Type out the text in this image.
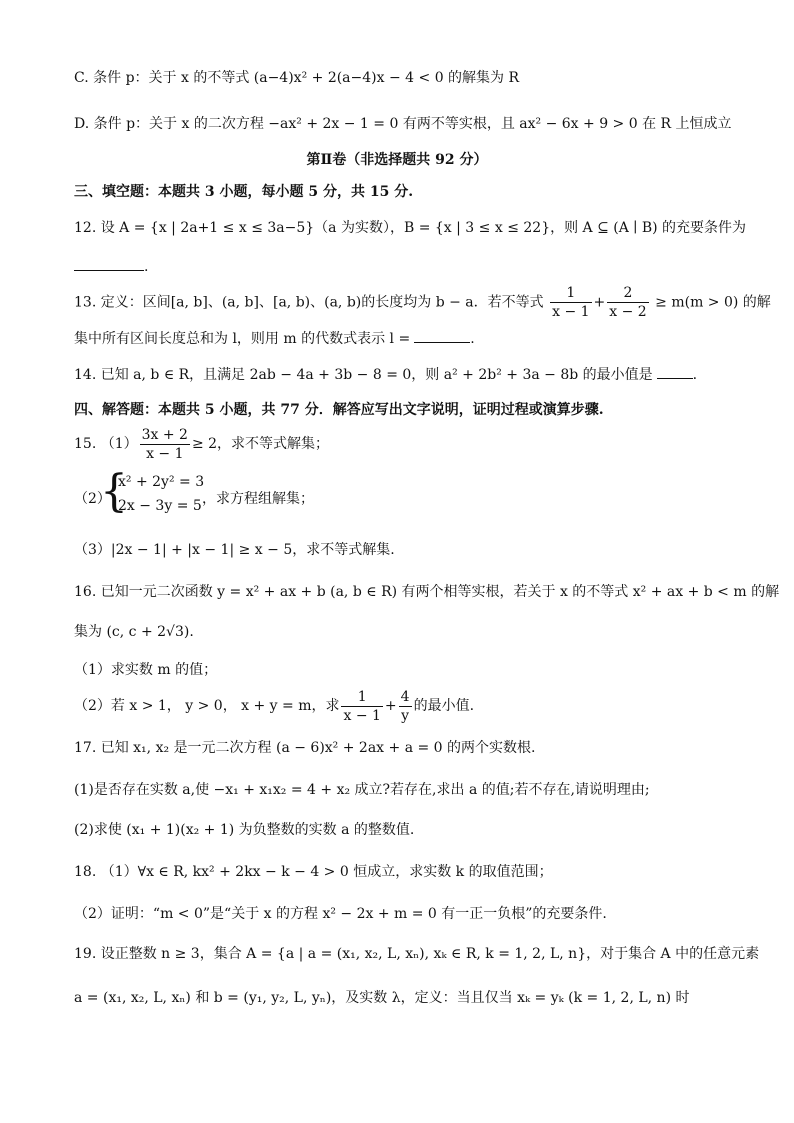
C. 条件 p：关于 x 的不等式 (a−4)x² + 2(a−4)x − 4 < 0 的解集为 R
D. 条件 p：关于 x 的二次方程 −ax² + 2x − 1 = 0 有两不等实根，且 ax² − 6x + 9 > 0 在 R 上恒成立
第Ⅱ卷（非选择题共 92 分）
三、填空题：本题共 3 小题，每小题 5 分，共 15 分.
12. 设 A = {x | 2a+1 ≤ x ≤ 3a−5}（a 为实数），B = {x | 3 ≤ x ≤ 22}，则 A ⊆ (A ∣ B) 的充要条件为
.
13. 定义：区间[a, b]、(a, b]、[a, b)、(a, b)的长度均为 b − a．若不等式 $\frac{1}{x - 1} + \frac{2}{x - 2} \ge m(m > 0)$ 的解
集中所有区间长度总和为 l，则用 m 的代数式表示 l =	.
14. 已知 a, b ∈ R，且满足 2ab − 4a + 3b − 8 = 0，则 a² + 2b² + 3a − 8b 的最小值是	.
四、解答题：本题共 5 小题，共 77 分．解答应写出文字说明，证明过程或演算步骤.
15. $(1) \frac{3x + 2}{x - 1} \ge 2$，求不等式解集；
（2）
{
x² + 2y² = 3
2x − 3y = 5 ，求方程组解集；
（3）|2x − 1| + |x − 1| ≥ x − 5，求不等式解集.
16. 已知一元二次函数 y = x² + ax + b (a, b ∈ R) 有两个相等实根，若关于 x 的不等式 x² + ax + b < m 的解
集为 (c, c + 2√3).
（1）求实数 m 的值；
（2）若 x > 1， y > 0， x + y = m，求 $\frac{1}{x - 1} + \frac{4}{y}$ 的最小值.
17. 已知 x₁, x₂ 是一元二次方程 (a − 6)x² + 2ax + a = 0 的两个实数根.
(1)是否存在实数 a,使 −x₁ + x₁x₂ = 4 + x₂ 成立?若存在,求出 a 的值;若不存在,请说明理由;
(2)求使 (x₁ + 1)(x₂ + 1) 为负整数的实数 a 的整数值.
18. （1）∀x ∈ R, kx² + 2kx − k − 4 > 0 恒成立，求实数 k 的取值范围；
（2）证明：“m < 0”是“关于 x 的方程 x² − 2x + m = 0 有一正一负根”的充要条件.
19. 设正整数 n ≥ 3，集合 A = {a | a = (x₁, x₂, L, xₙ), xₖ ∈ R, k = 1, 2, L, n}，对于集合 A 中的任意元素
a = (x₁, x₂, L, xₙ) 和 b = (y₁, y₂, L, yₙ)，及实数 λ，定义：当且仅当 xₖ = yₖ (k = 1, 2, L, n) 时
